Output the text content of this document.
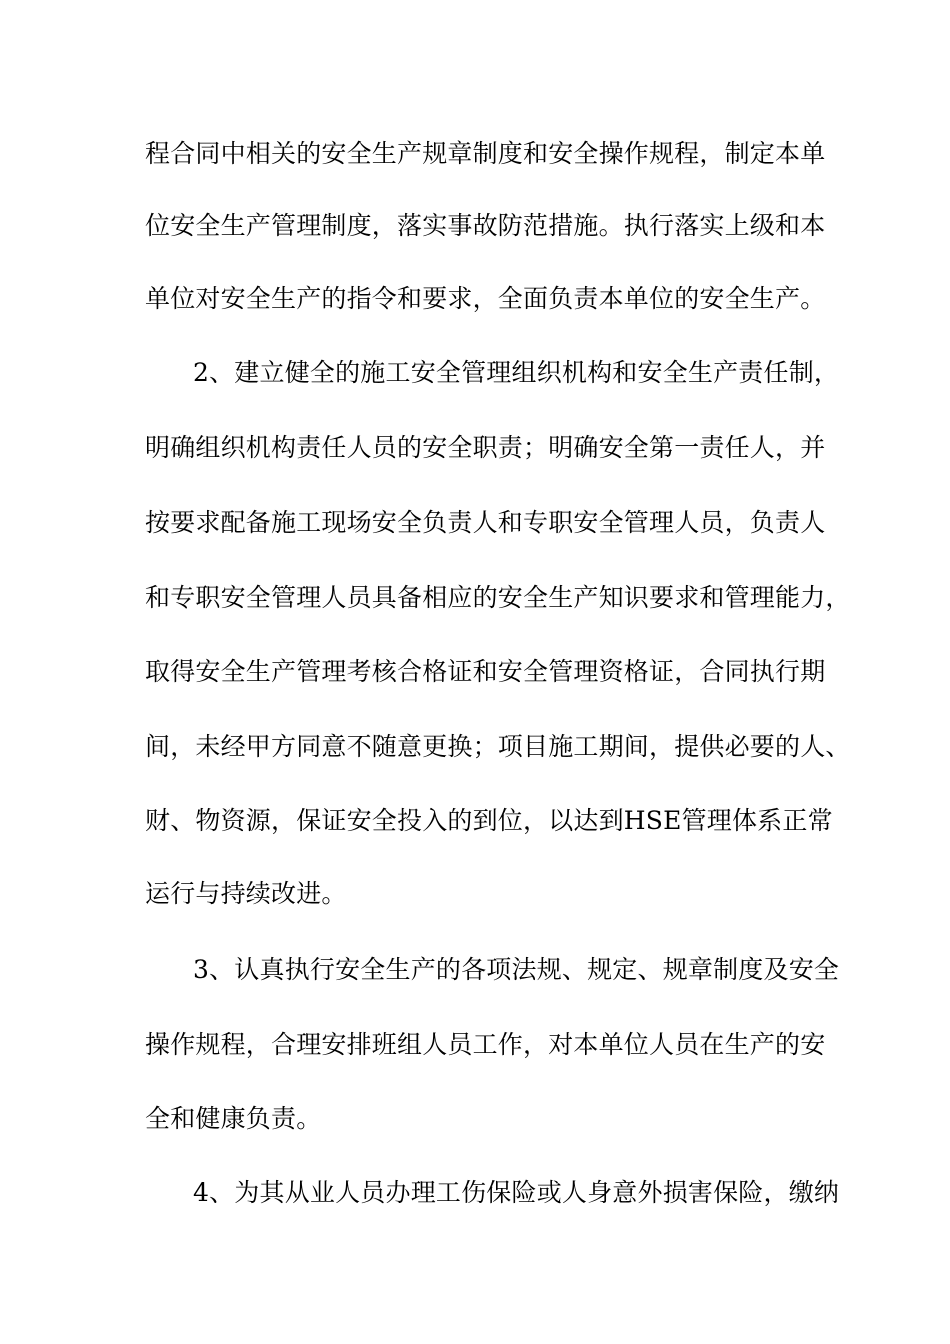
程合同中相关的安全生产规章制度和安全操作规程，制定本单
位安全生产管理制度，落实事故防范措施。执行落实上级和本
单位对安全生产的指令和要求，全面负责本单位的安全生产。
2、建立健全的施工安全管理组织机构和安全生产责任制，
明确组织机构责任人员的安全职责；明确安全第一责任人，并
按要求配备施工现场安全负责人和专职安全管理人员，负责人
和专职安全管理人员具备相应的安全生产知识要求和管理能力，
取得安全生产管理考核合格证和安全管理资格证，合同执行期
间，未经甲方同意不随意更换；项目施工期间，提供必要的人、
财、物资源，保证安全投入的到位，以达到HSE管理体系正常
运行与持续改进。
3、认真执行安全生产的各项法规、规定、规章制度及安全
操作规程，合理安排班组人员工作，对本单位人员在生产的安
全和健康负责。
4、为其从业人员办理工伤保险或人身意外损害保险，缴纳
